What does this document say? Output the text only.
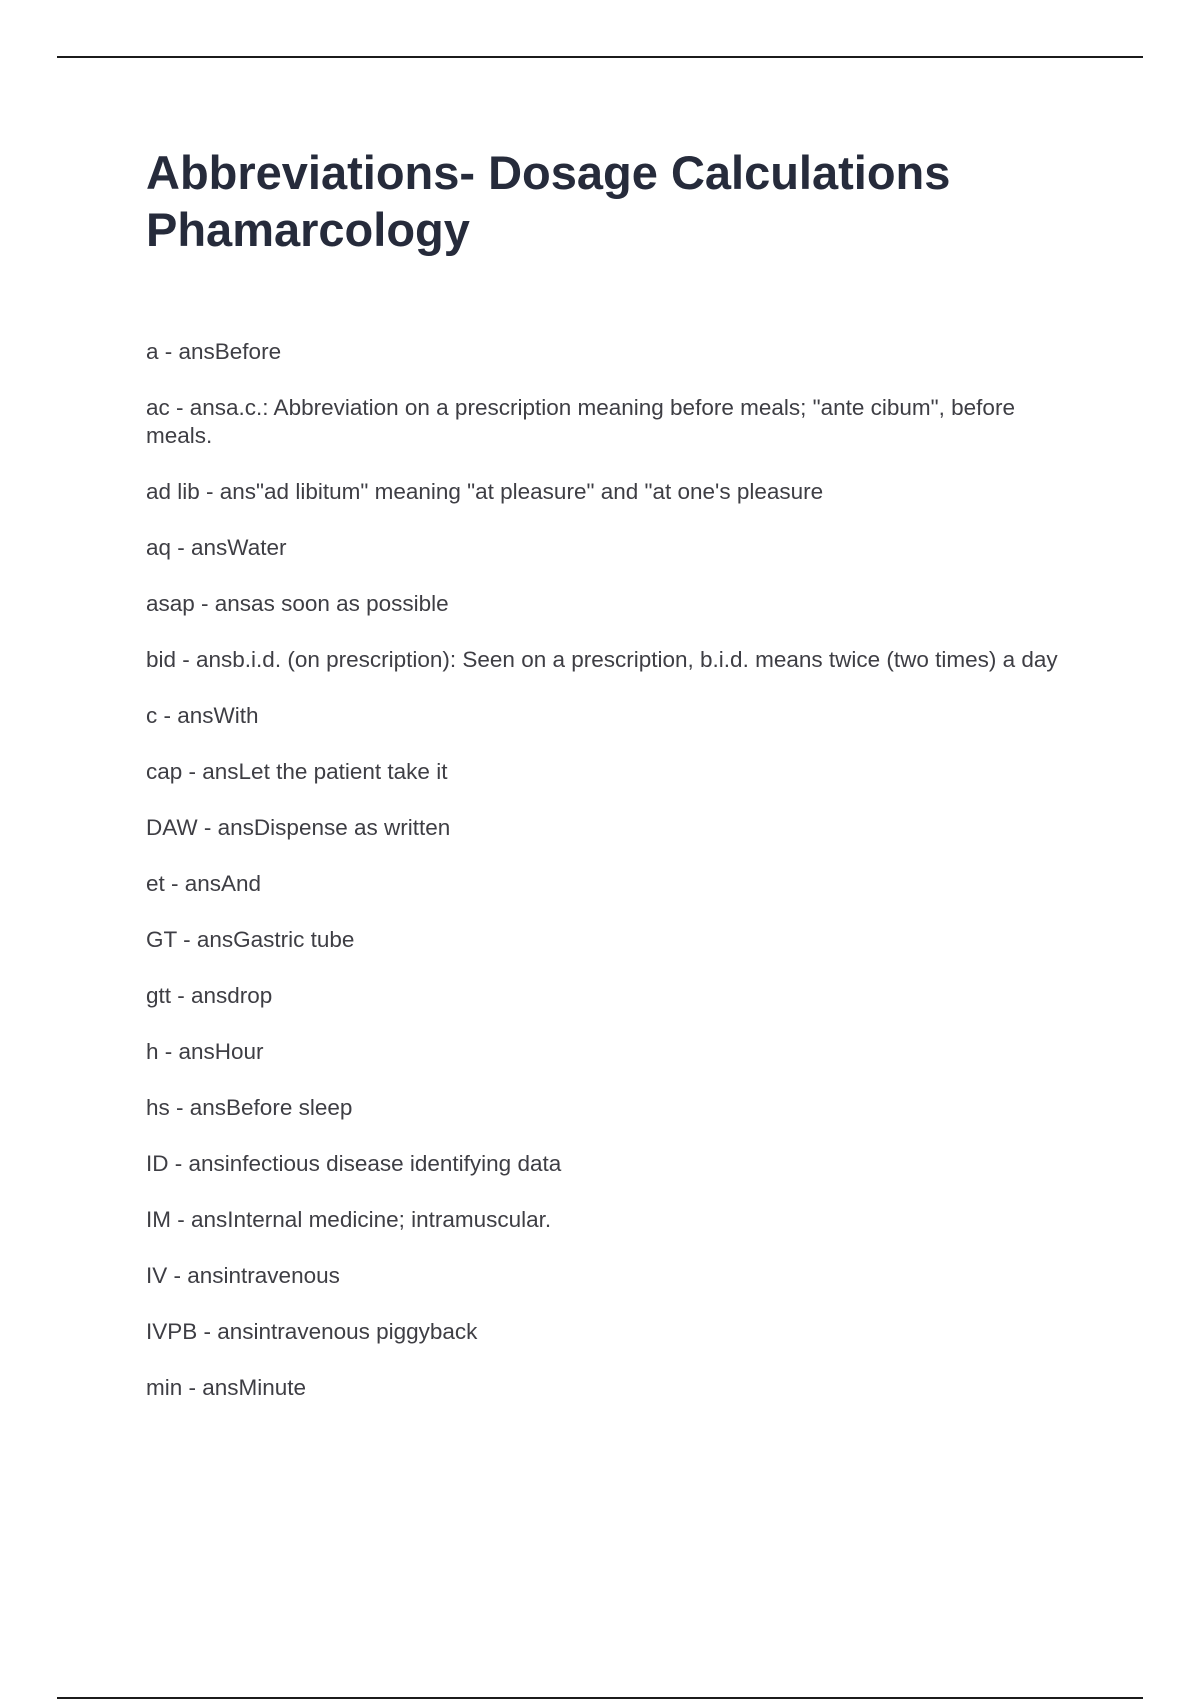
Abbreviations- Dosage Calculations
Phamarcology
a - ansBefore
ac - ansa.c.: Abbreviation on a prescription meaning before meals; "ante cibum", before meals.
ad lib - ans"ad libitum" meaning "at pleasure" and "at one's pleasure
aq - ansWater
asap - ansas soon as possible
bid - ansb.i.d. (on prescription): Seen on a prescription, b.i.d. means twice (two times) a day
c - ansWith
cap - ansLet the patient take it
DAW - ansDispense as written
et - ansAnd
GT - ansGastric tube
gtt - ansdrop
h - ansHour
hs - ansBefore sleep
ID - ansinfectious disease identifying data
IM - ansInternal medicine; intramuscular.
IV - ansintravenous
IVPB - ansintravenous piggyback
min - ansMinute
